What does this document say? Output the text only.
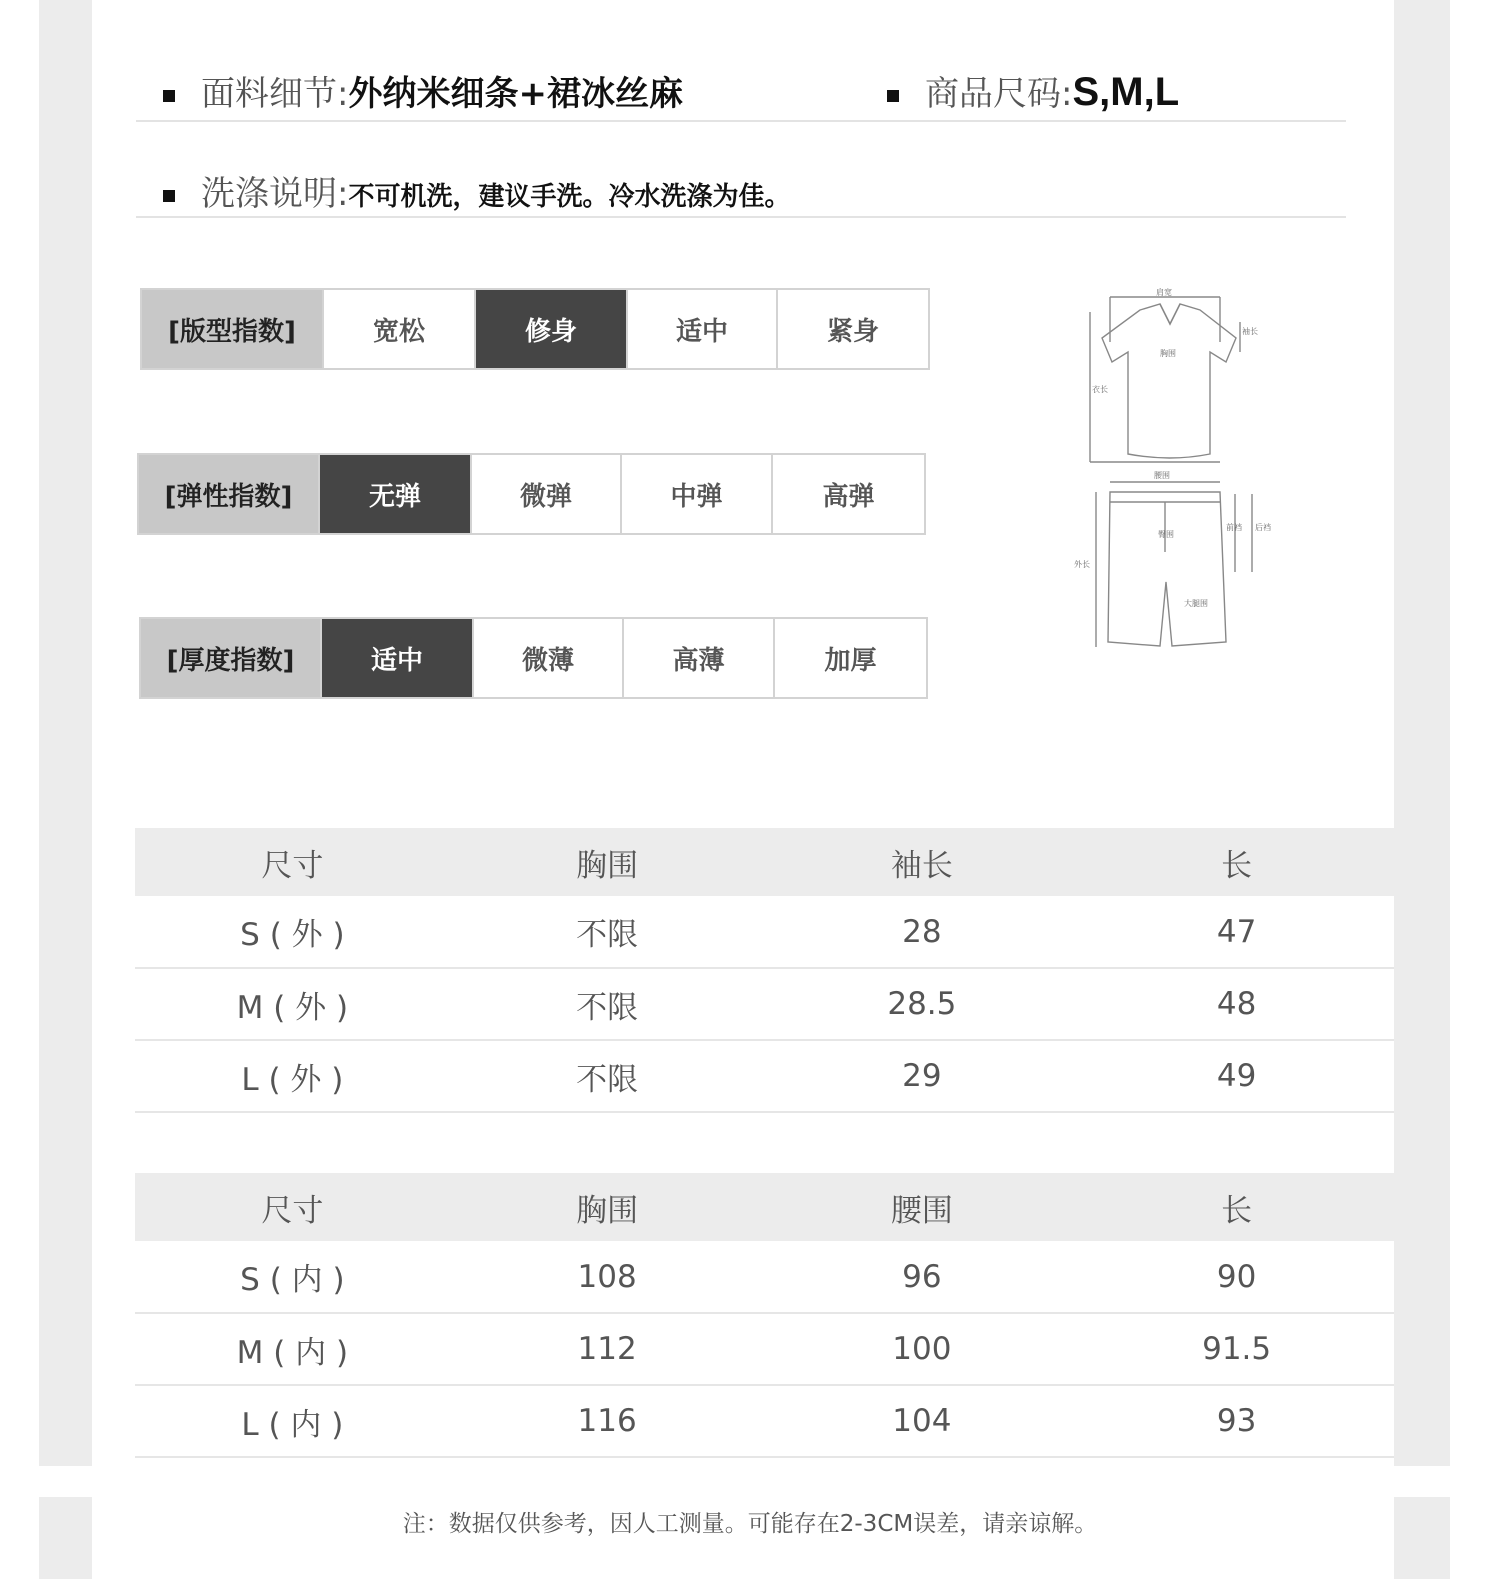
面料细节:外纳米细条+裙冰丝麻	商品尺码:S,M,L
洗涤说明:不可机洗，建议手洗。冷水洗涤为佳。
[版型指数]	宽松	修身	适中	紧身
[弹性指数]	无弹	微弹	中弹	高弹
[厚度指数]	适中	微薄	高薄	加厚
肩宽
袖长
胸围
衣长
腰围
臀围
外长
大腿围
前裆 后裆
尺寸	胸围	袖长	长
S ( 外 )	不限	28	47
M ( 外 )	不限	28.5	48
L ( 外 )	不限	29	49
尺寸	胸围	腰围	长
S ( 内 )	108	96	90
M ( 内 )	112	100	91.5
L ( 内 )	116	104	93
注：数据仅供参考，因人工测量。可能存在2-3CM误差，请亲谅解。
